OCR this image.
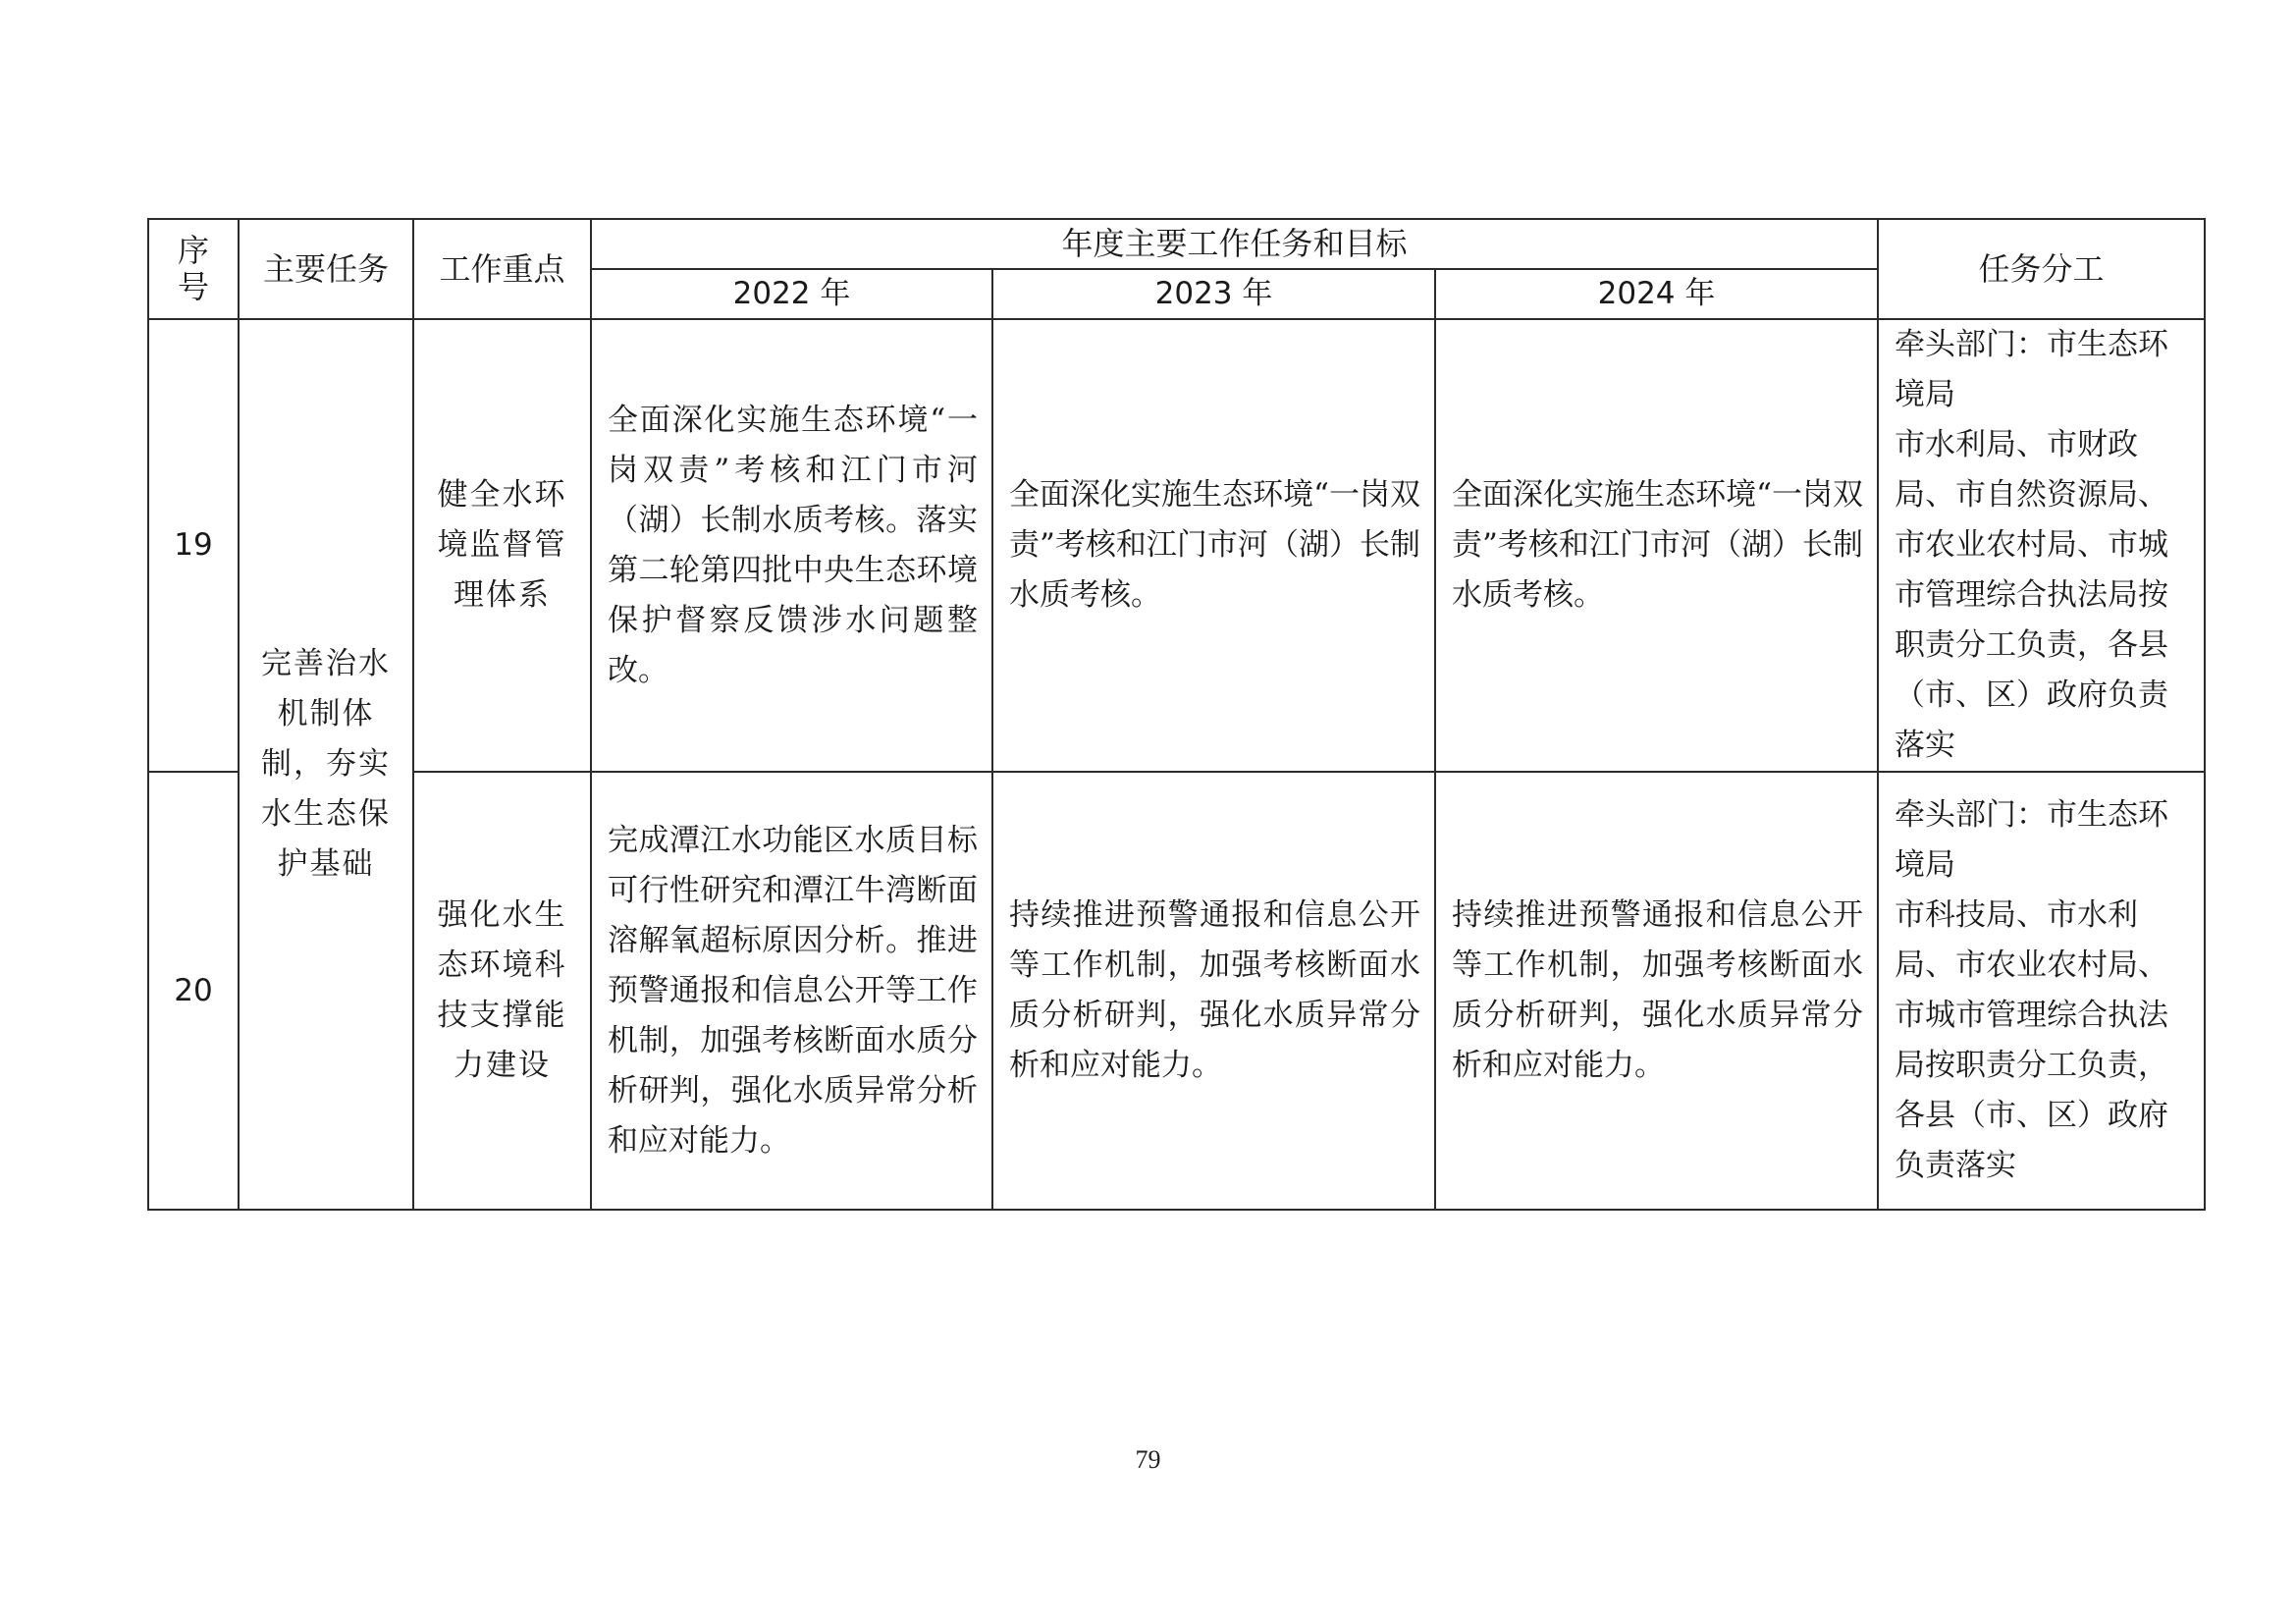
序号	主要任务	工作重点	年度主要工作任务和目标			任务分工
			2022 年	2023 年	2024 年	
19	完善治水机制体制，夯实水生态保护基础	健全水环境监督管理体系	全面深化实施生态环境“一岗双责”考核和江门市河（湖）长制水质考核。落实第二轮第四批中央生态环境保护督察反馈涉水问题整改。	全面深化实施生态环境“一岗双责”考核和江门市河（湖）长制水质考核。	全面深化实施生态环境“一岗双责”考核和江门市河（湖）长制水质考核。	牵头部门：市生态环境局
市水利局、市财政局、市自然资源局、市农业农村局、市城市管理综合执法局按职责分工负责，各县（市、区）政府负责落实

20		强化水生态环境科技支撑能力建设	完成潭江水功能区水质目标可行性研究和潭江牛湾断面溶解氧超标原因分析。推进预警通报和信息公开等工作机制，加强考核断面水质分析研判，强化水质异常分析和应对能力。	持续推进预警通报和信息公开等工作机制，加强考核断面水质分析研判，强化水质异常分析和应对能力。	持续推进预警通报和信息公开等工作机制，加强考核断面水质分析研判，强化水质异常分析和应对能力。	牵头部门：市生态环境局
市科技局、市水利局、市农业农村局、市城市管理综合执法局按职责分工负责，各县（市、区）政府负责落实
79
